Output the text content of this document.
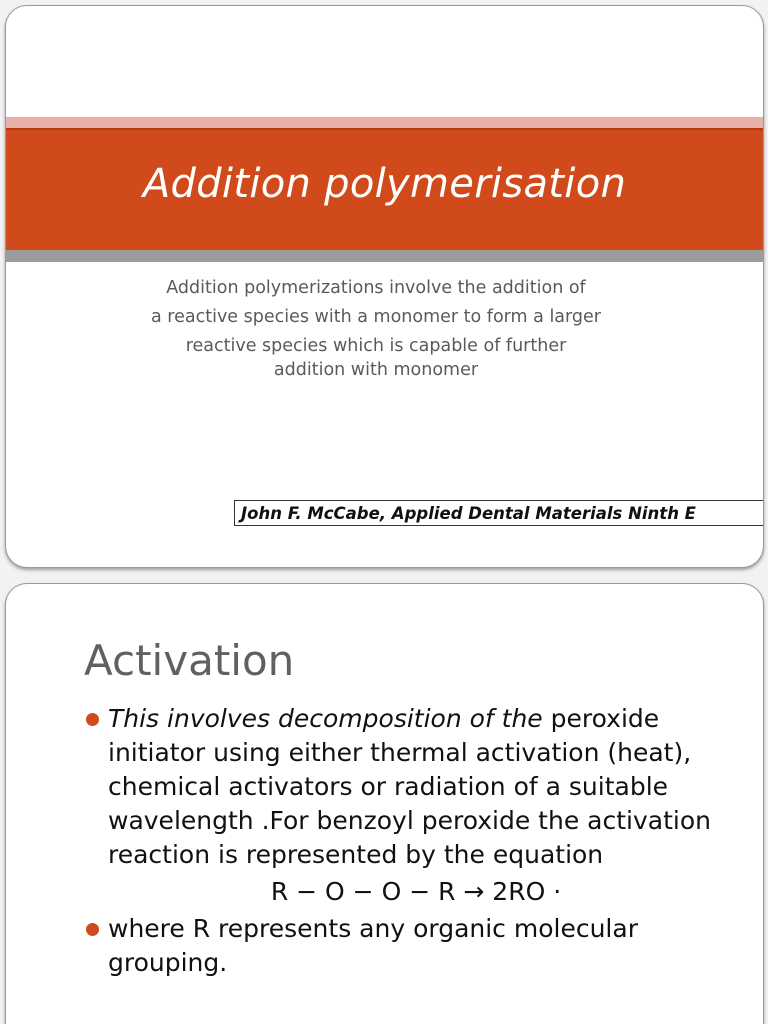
Addition polymerisation
Addition polymerizations involve the addition of
a reactive species with a monomer to form a larger
reactive species which is capable of further
addition with monomer
John F. McCabe, Applied Dental Materials Ninth E
Activation
This involves decomposition of the peroxide initiator using either thermal activation (heat), chemical activators or radiation of a suitable wavelength .For benzoyl peroxide the activation reaction is represented by the equation
R − O − O − R → 2RO ·
where R represents any organic molecular grouping.
